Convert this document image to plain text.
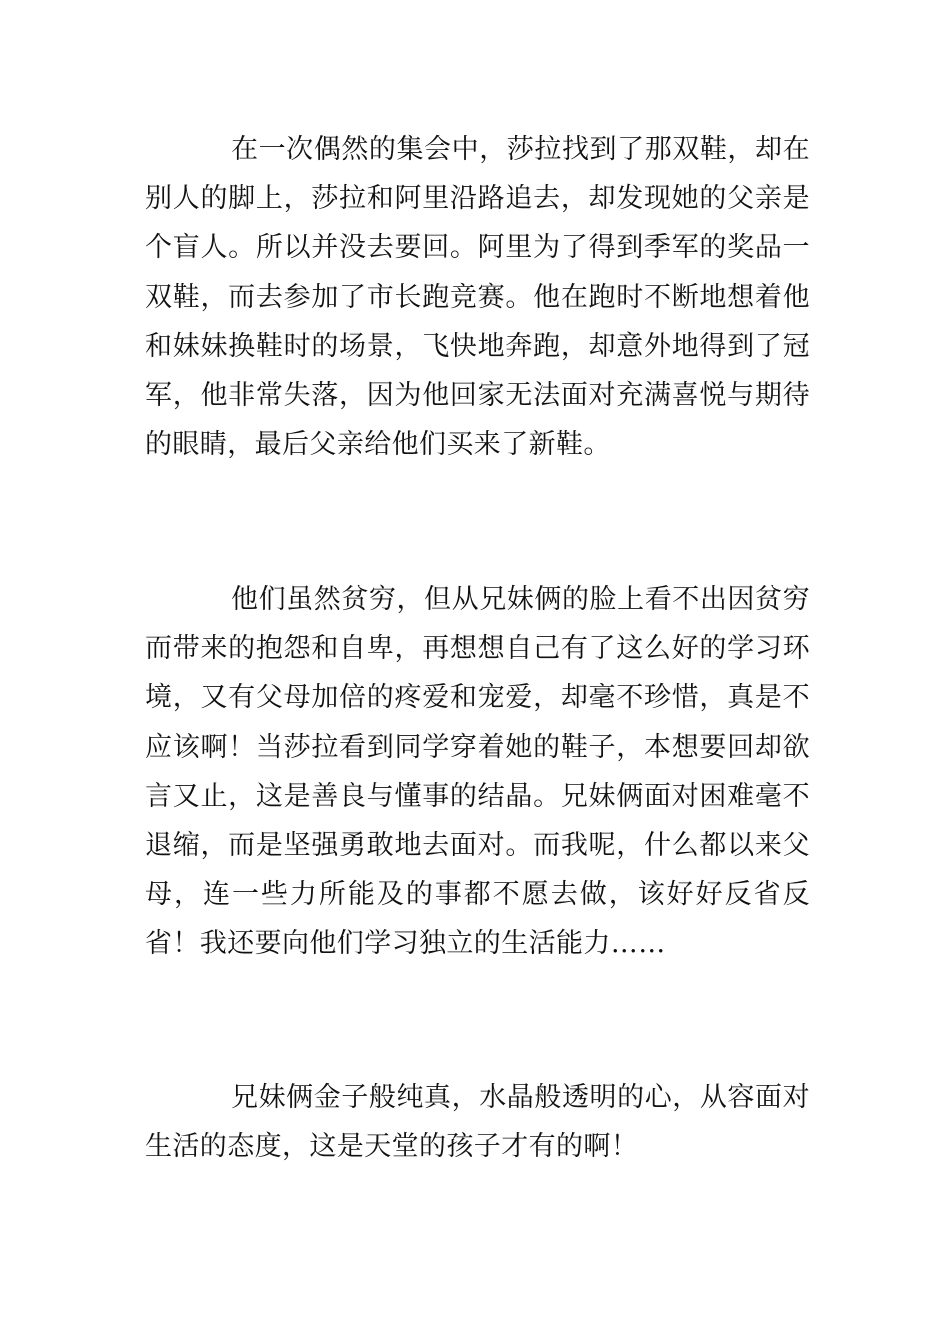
在一次偶然的集会中，莎拉找到了那双鞋，却在别人的脚上，莎拉和阿里沿路追去，却发现她的父亲是个盲人。所以并没去要回。阿里为了得到季军的奖品一双鞋，而去参加了市长跑竞赛。他在跑时不断地想着他和妹妹换鞋时的场景，飞快地奔跑，却意外地得到了冠军，他非常失落，因为他回家无法面对充满喜悦与期待的眼睛，最后父亲给他们买来了新鞋。

他们虽然贫穷，但从兄妹俩的脸上看不出因贫穷而带来的抱怨和自卑，再想想自己有了这么好的学习环境，又有父母加倍的疼爱和宠爱，却毫不珍惜，真是不应该啊！当莎拉看到同学穿着她的鞋子，本想要回却欲言又止，这是善良与懂事的结晶。兄妹俩面对困难毫不退缩，而是坚强勇敢地去面对。而我呢，什么都以来父母，连一些力所能及的事都不愿去做，该好好反省反省！我还要向他们学习独立的生活能力……

兄妹俩金子般纯真，水晶般透明的心，从容面对生活的态度，这是天堂的孩子才有的啊！
